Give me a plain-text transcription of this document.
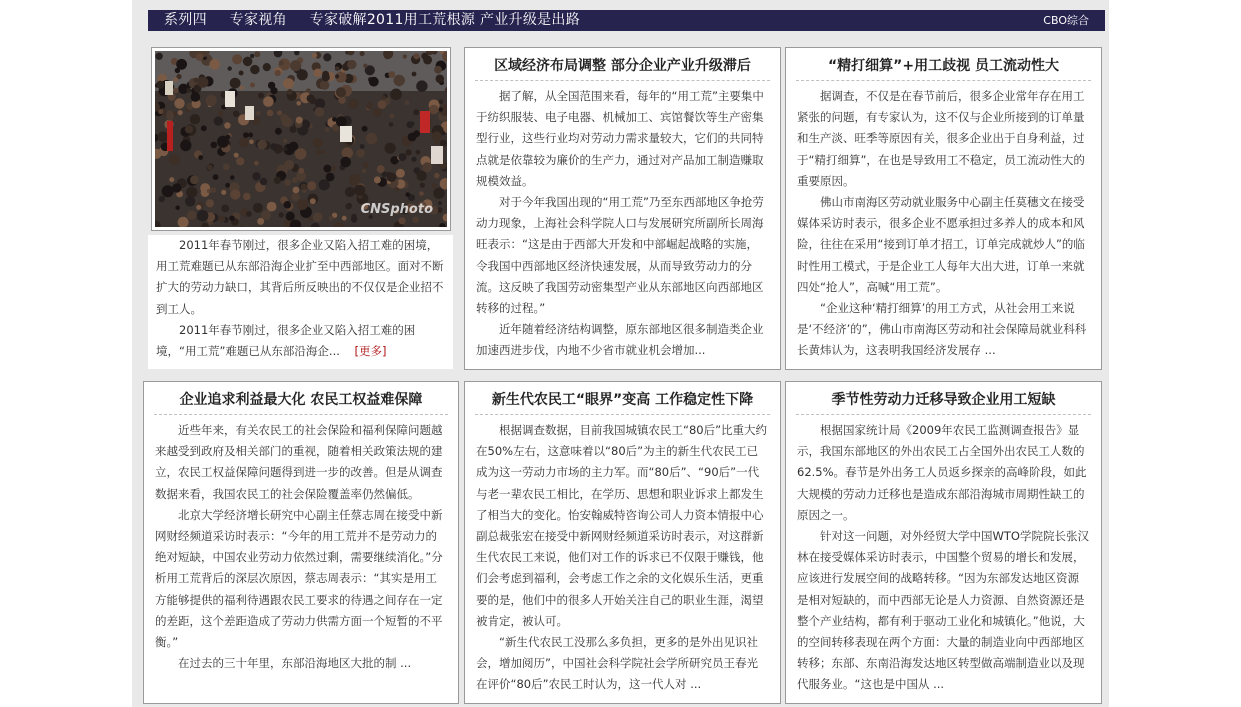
系列四 专家视角 专家破解2011用工荒根源 产业升级是出路	CBO综合
CNSphoto

2011年春节刚过，很多企业又陷入招工难的困境，用工荒难题已从东部沿海企业扩至中西部地区。面对不断扩大的劳动力缺口，其背后所反映出的不仅仅是企业招不到工人。

2011年春节刚过，很多企业又陷入招工难的困境，“用工荒”难题已从东部沿海企... [更多]

区域经济布局调整 部分企业产业升级滞后

据了解，从全国范围来看，每年的“用工荒”主要集中于纺织服装、电子电器、机械加工、宾馆餐饮等生产密集型行业，这些行业均对劳动力需求量较大，它们的共同特点就是依靠较为廉价的生产力，通过对产品加工制造赚取规模效益。

对于今年我国出现的“用工荒”乃至东西部地区争抢劳动力现象，上海社会科学院人口与发展研究所副所长周海旺表示：“这是由于西部大开发和中部崛起战略的实施，令我国中西部地区经济快速发展，从而导致劳动力的分流。这反映了我国劳动密集型产业从东部地区向西部地区转移的过程。”

近年随着经济结构调整，原东部地区很多制造类企业加速西进步伐，内地不少省市就业机会增加...

“精打细算”+用工歧视 员工流动性大

据调查，不仅是在春节前后，很多企业常年存在用工紧张的问题，有专家认为，这不仅与企业所接到的订单量和生产淡、旺季等原因有关，很多企业出于自身利益，过于“精打细算”，在也是导致用工不稳定，员工流动性大的重要原因。

佛山市南海区劳动就业服务中心副主任莫穗文在接受媒体采访时表示，很多企业不愿承担过多养人的成本和风险，往往在采用“接到订单才招工，订单完成就炒人”的临时性用工模式，于是企业工人每年大出大进，订单一来就四处“抢人”，高喊“用工荒”。

“企业这种‘精打细算’的用工方式，从社会用工来说是‘不经济’的”，佛山市南海区劳动和社会保障局就业科科长黄炜认为，这表明我国经济发展存 ...

企业追求利益最大化 农民工权益难保障

近些年来，有关农民工的社会保险和福利保障问题越来越受到政府及相关部门的重视，随着相关政策法规的建立，农民工权益保障问题得到进一步的改善。但是从调查数据来看，我国农民工的社会保险覆盖率仍然偏低。

北京大学经济增长研究中心副主任蔡志周在接受中新网财经频道采访时表示：“今年的用工荒并不是劳动力的绝对短缺，中国农业劳动力依然过剩，需要继续消化。”分析用工荒背后的深层次原因，蔡志周表示：“其实是用工方能够提供的福利待遇跟农民工要求的待遇之间存在一定的差距，这个差距造成了劳动力供需方面一个短暂的不平衡。”

在过去的三十年里，东部沿海地区大批的制 ...

新生代农民工“眼界”变高 工作稳定性下降

根据调查数据，目前我国城镇农民工“80后”比重大约在50%左右，这意味着以“80后”为主的新生代农民工已成为这一劳动力市场的主力军。而“80后”、“90后”一代与老一辈农民工相比，在学历、思想和职业诉求上都发生了相当大的变化。怡安翰威特咨询公司人力资本情报中心副总裁张宏在接受中新网财经频道采访时表示，对这群新生代农民工来说，他们对工作的诉求已不仅限于赚钱，他们会考虑到福利，会考虑工作之余的文化娱乐生活，更重要的是，他们中的很多人开始关注自己的职业生涯，渴望被肯定，被认可。

“新生代农民工没那么多负担，更多的是外出见识社会，增加阅历”，中国社会科学院社会学所研究员王春光在评价“80后”农民工时认为，这一代人对 ...

季节性劳动力迁移导致企业用工短缺

根据国家统计局《2009年农民工监测调查报告》显示，我国东部地区的外出农民工占全国外出农民工人数的62.5%。春节是外出务工人员返乡探亲的高峰阶段，如此大规模的劳动力迁移也是造成东部沿海城市周期性缺工的原因之一。

针对这一问题，对外经贸大学中国WTO学院院长张汉林在接受媒体采访时表示，中国整个贸易的增长和发展，应该进行发展空间的战略转移。“因为东部发达地区资源是相对短缺的，而中西部无论是人力资源、自然资源还是整个产业结构，都有利于驱动工业化和城镇化。”他说，大的空间转移表现在两个方面：大量的制造业向中西部地区转移；东部、东南沿海发达地区转型做高端制造业以及现代服务业。“这也是中国从 ...
